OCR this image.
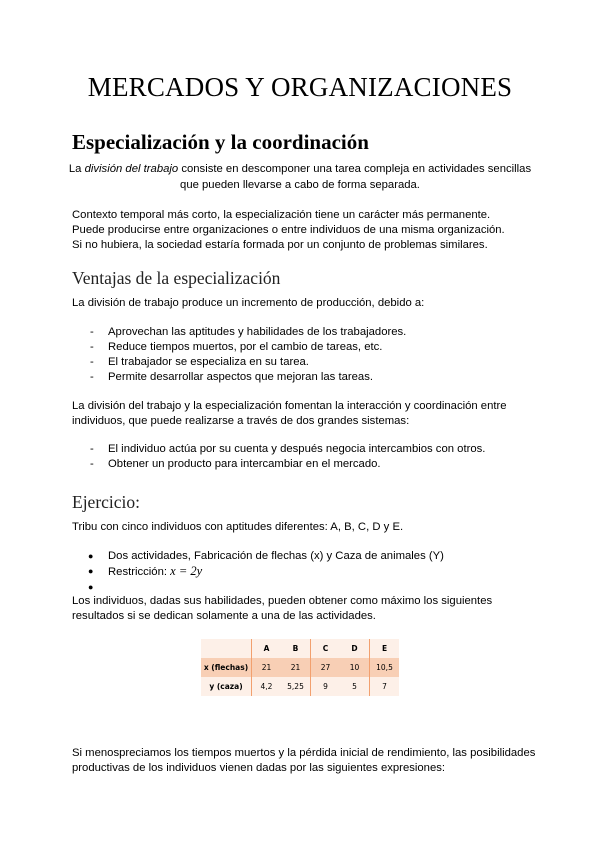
MERCADOS Y ORGANIZACIONES
Especialización y la coordinación
La división del trabajo consiste en descomponer una tarea compleja en actividades sencillas
que pueden llevarse a cabo de forma separada.
Contexto temporal más corto, la especialización tiene un carácter más permanente.
Puede producirse entre organizaciones o entre individuos de una misma organización.
Si no hubiera, la sociedad estaría formada por un conjunto de problemas similares.
Ventajas de la especialización
La división de trabajo produce un incremento de producción, debido a:
- Aprovechan las aptitudes y habilidades de los trabajadores.
- Reduce tiempos muertos, por el cambio de tareas, etc.
- El trabajador se especializa en su tarea.
- Permite desarrollar aspectos que mejoran las tareas.
La división del trabajo y la especialización fomentan la interacción y coordinación entre
individuos, que puede realizarse a través de dos grandes sistemas:
- El individuo actúa por su cuenta y después negocia intercambios con otros.
- Obtener un producto para intercambiar en el mercado.
Ejercicio:
Tribu con cinco individuos con aptitudes diferentes: A, B, C, D y E.
● Dos actividades, Fabricación de flechas (x) y Caza de animales (Y)
● Restricción: x = 2y
●
Los individuos, dadas sus habilidades, pueden obtener como máximo los siguientes
resultados si se dedican solamente a una de las actividades.
	A	B	C	D	E
x (flechas)	21	21	27	10	10,5
y (caza)	4,2	5,25	9	5	7
Si menospreciamos los tiempos muertos y la pérdida inicial de rendimiento, las posibilidades
productivas de los individuos vienen dadas por las siguientes expresiones:
